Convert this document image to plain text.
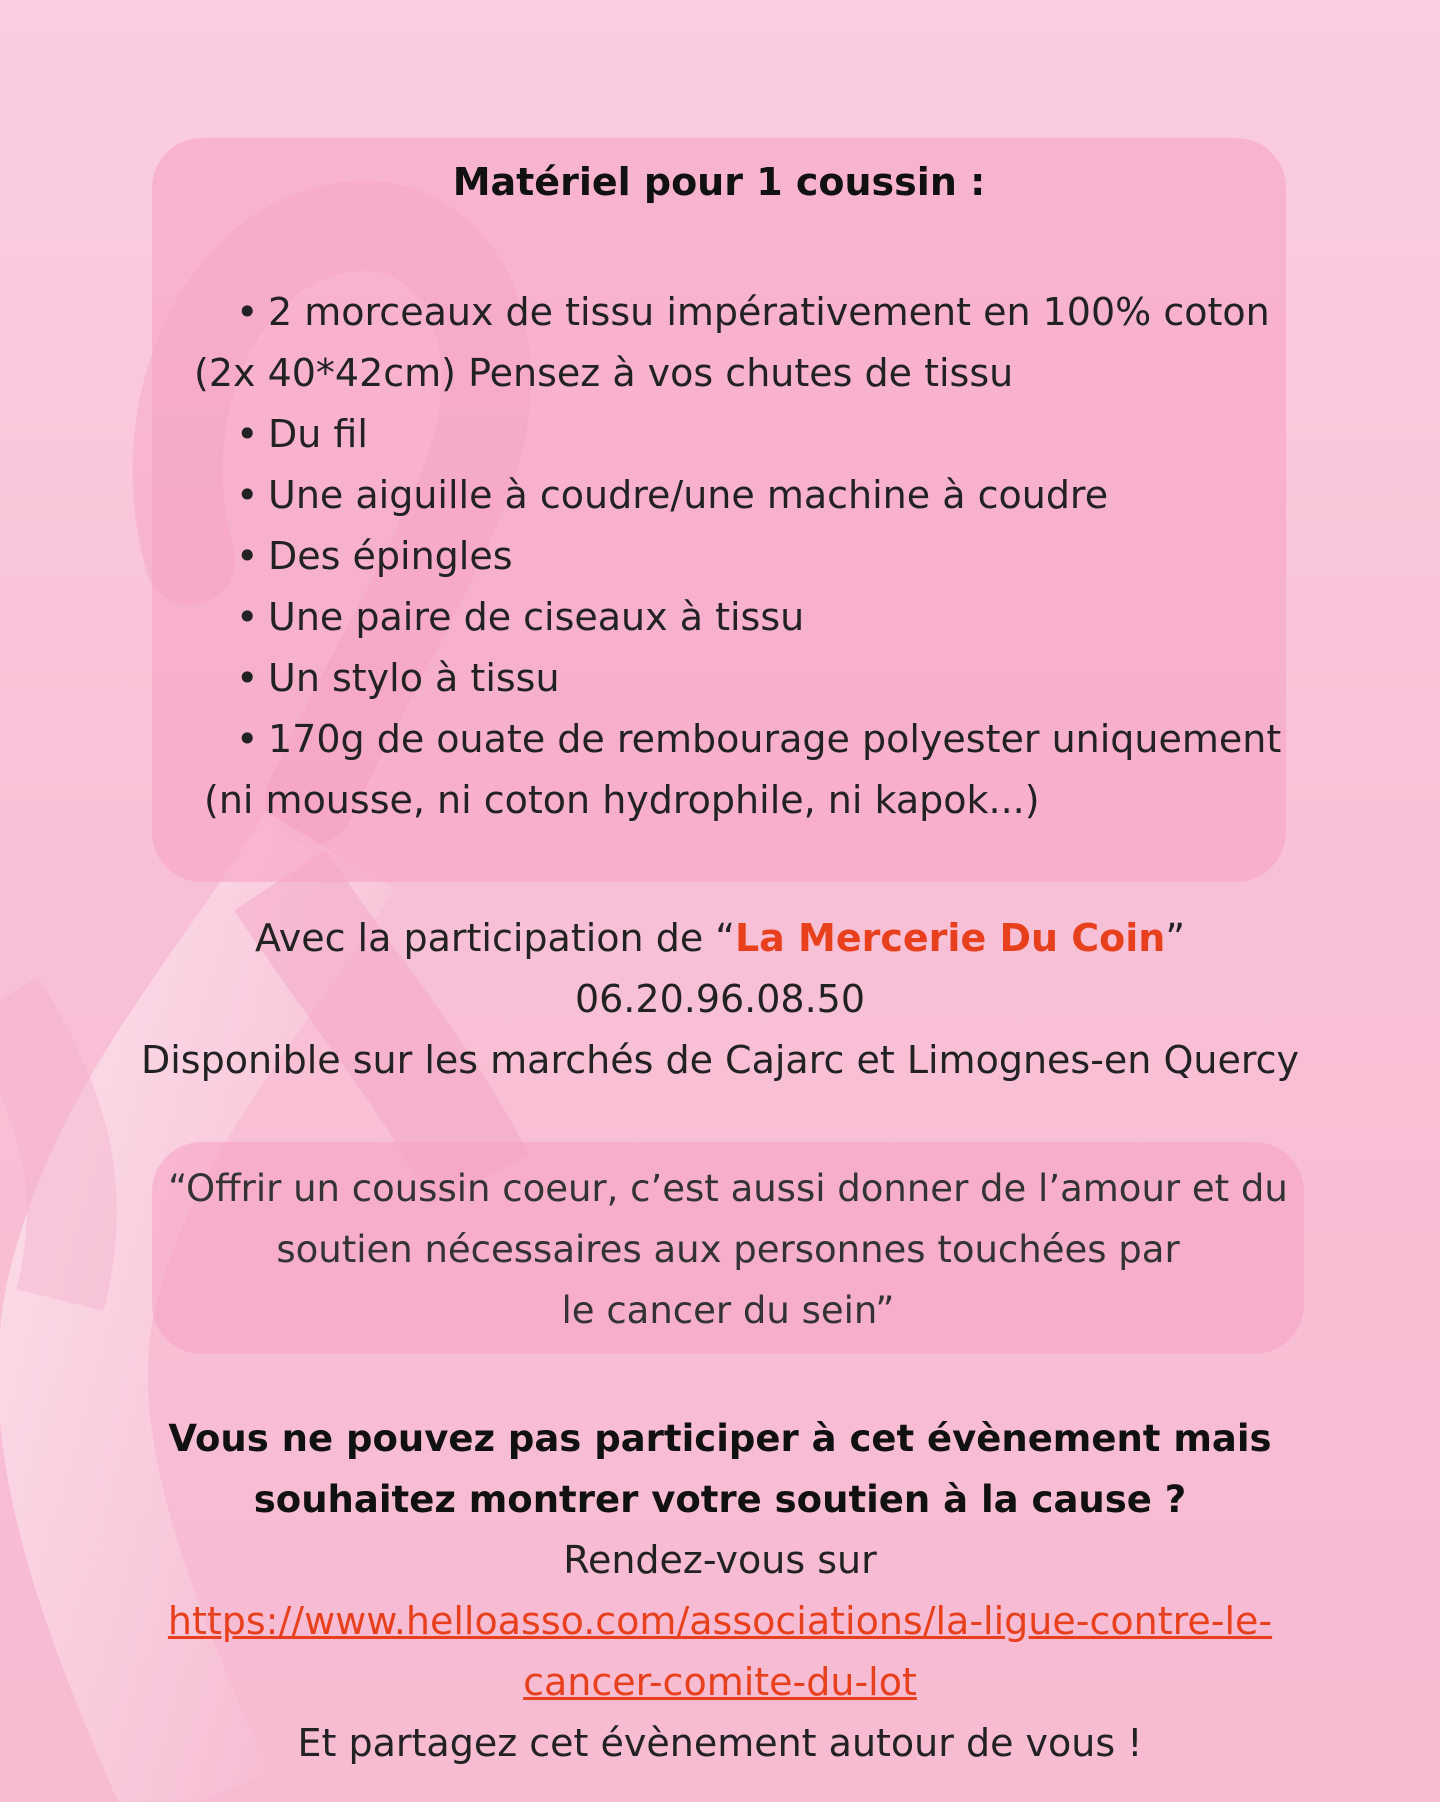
Matériel pour 1 coussin :
• 2 morceaux de tissu impérativement en 100% coton
(2x 40*42cm) Pensez à vos chutes de tissu
• Du fil
• Une aiguille à coudre/une machine à coudre
• Des épingles
• Une paire de ciseaux à tissu
• Un stylo à tissu
• 170g de ouate de rembourage polyester uniquement
(ni mousse, ni coton hydrophile, ni kapok...)
Avec la participation de “La Mercerie Du Coin”
06.20.96.08.50
Disponible sur les marchés de Cajarc et Limognes-en Quercy
“Offrir un coussin coeur, c’est aussi donner de l’amour et du
soutien nécessaires aux personnes touchées par
le cancer du sein”
Vous ne pouvez pas participer à cet évènement mais
souhaitez montrer votre soutien à la cause ?
Rendez-vous sur
https://www.helloasso.com/associations/la-ligue-contre-le-
cancer-comite-du-lot
Et partagez cet évènement autour de vous !
